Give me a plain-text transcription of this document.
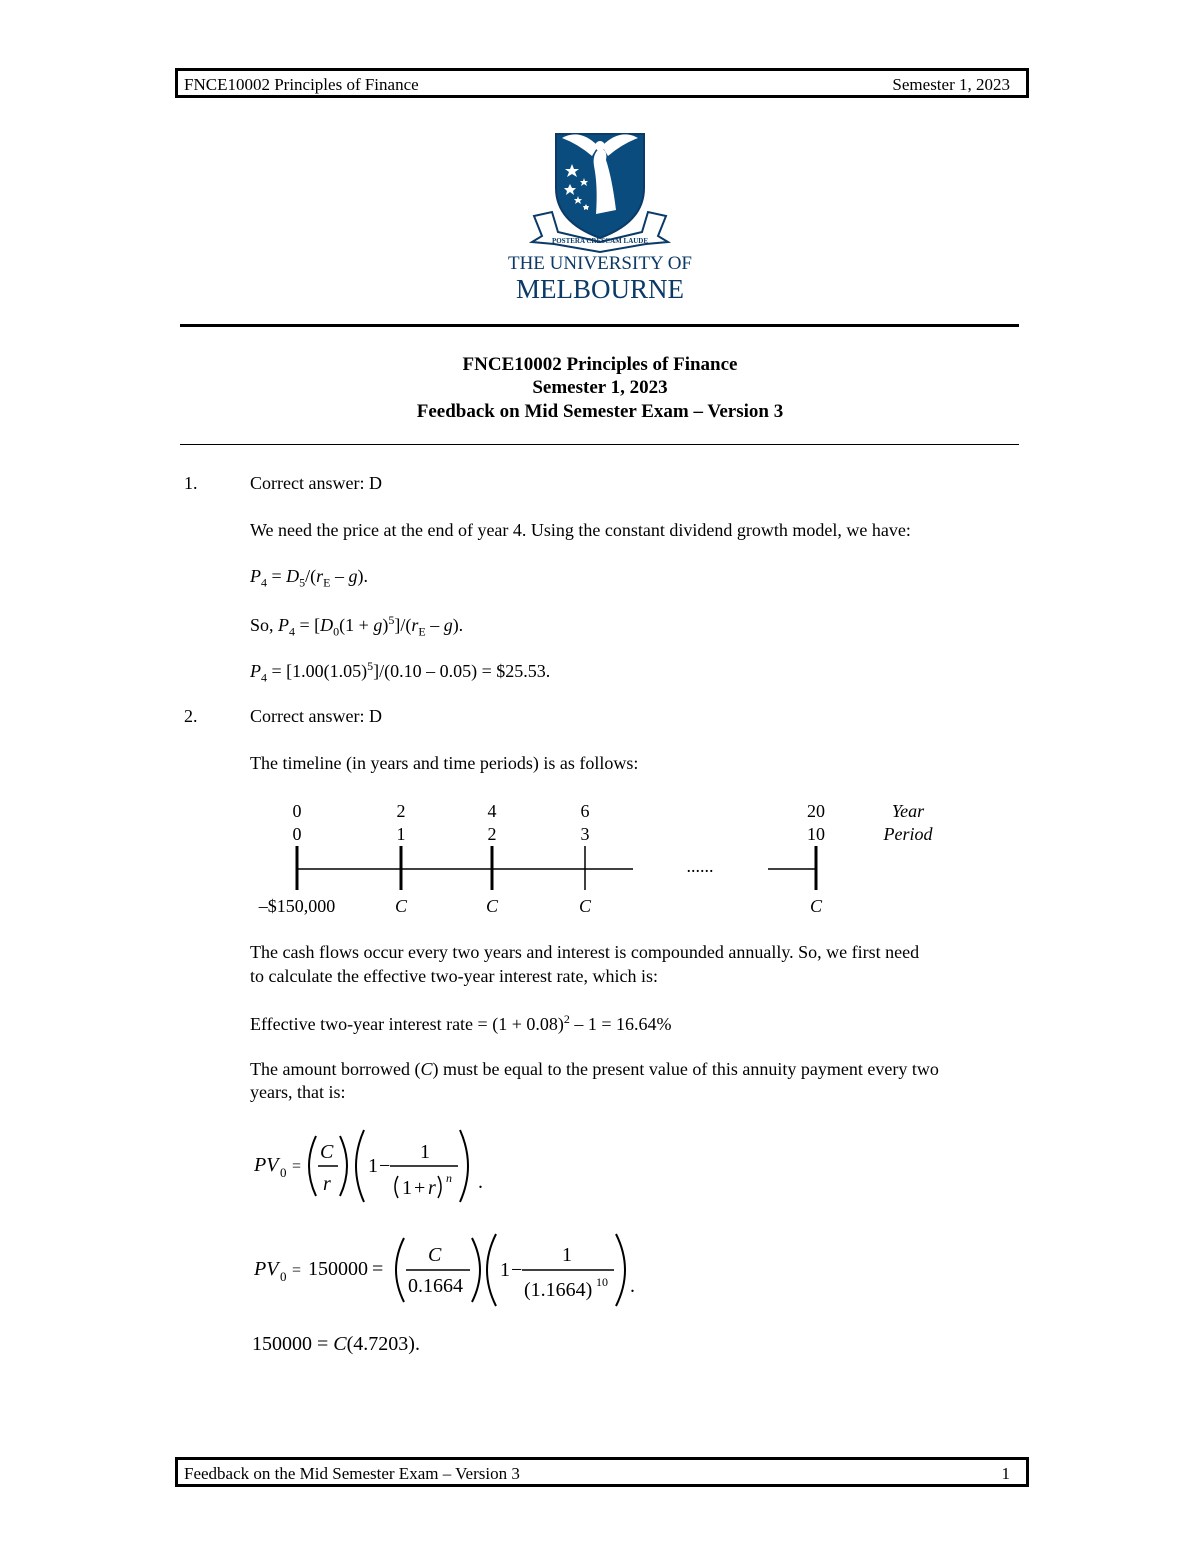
FNCE10002 Principles of Finance	Semester 1, 2023
POSTERA CRESCAM LAUDE
THE UNIVERSITY OF
MELBOURNE
FNCE10002 Principles of Finance
Semester 1, 2023
Feedback on Mid Semester Exam – Version 3
1.	Correct answer: D
We need the price at the end of year 4. Using the constant dividend growth model, we have:
$P_4 = D_5/(r_E - g)$.
So, $P_4 = [D_0(1 + g)^5]/(r_E - g)$.
$P_4 = [1.00(1.05)^5]/(0.10 - 0.05)$ = $25.53.
2.	Correct answer: D
The timeline (in years and time periods) is as follows:
0	2	4	6	20	Year
0	1	2	3	10	Period
......
–$150,000	C	C	C	C
The cash flows occur every two years and interest is compounded annually. So, we first need
to calculate the effective two-year interest rate, which is:
Effective two-year interest rate = $(1 + 0.08)^2 - 1 = 16.64\%$
The amount borrowed (C) must be equal to the present value of this annuity payment every two
years, that is:
PV 0 =
C
r
1 −
1
1 + r n .
PV 0 = 150000 =
C
0.1664
1 −
1
(1.1664) 10 .
150000 = C(4.7203).
Feedback on the Mid Semester Exam – Version 3	1
